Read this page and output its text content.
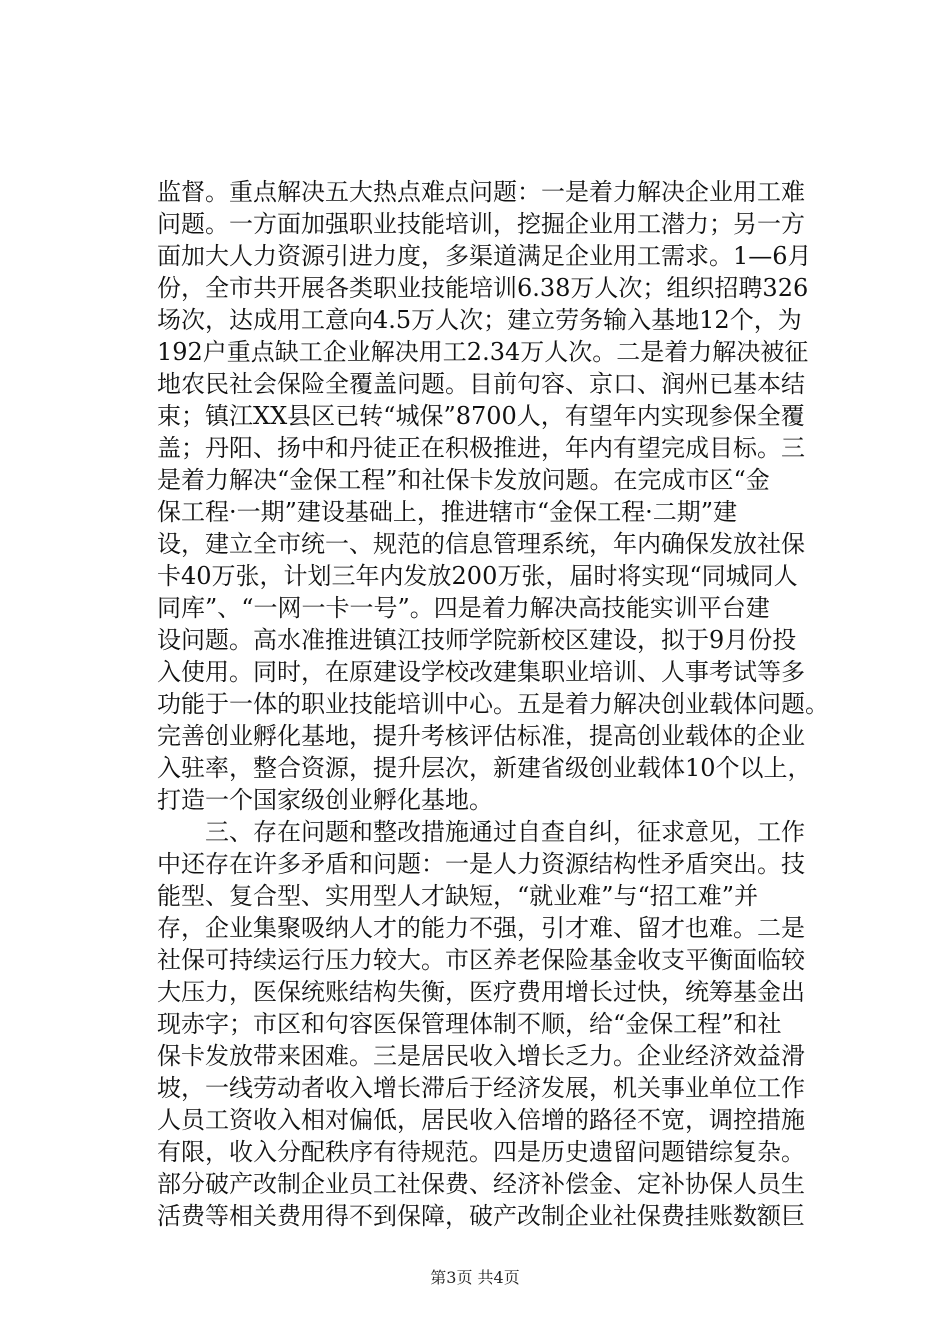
监督。重点解决五大热点难点问题：一是着力解决企业用工难
问题。一方面加强职业技能培训，挖掘企业用工潜力；另一方
面加大人力资源引进力度，多渠道满足企业用工需求。1—6月
份，全市共开展各类职业技能培训6.38万人次；组织招聘326
场次，达成用工意向4.5万人次；建立劳务输入基地12个，为
192户重点缺工企业解决用工2.34万人次。二是着力解决被征
地农民社会保险全覆盖问题。目前句容、京口、润州已基本结
束；镇江XX县区已转“城保”8700人，有望年内实现参保全覆
盖；丹阳、扬中和丹徒正在积极推进，年内有望完成目标。三
是着力解决“金保工程”和社保卡发放问题。在完成市区“金
保工程·一期”建设基础上，推进辖市“金保工程·二期”建
设，建立全市统一、规范的信息管理系统，年内确保发放社保
卡40万张，计划三年内发放200万张，届时将实现“同城同人
同库”、“一网一卡一号”。四是着力解决高技能实训平台建
设问题。高水准推进镇江技师学院新校区建设，拟于9月份投
入使用。同时，在原建设学校改建集职业培训、人事考试等多
功能于一体的职业技能培训中心。五是着力解决创业载体问题。
完善创业孵化基地，提升考核评估标准，提高创业载体的企业
入驻率，整合资源，提升层次，新建省级创业载体10个以上，
打造一个国家级创业孵化基地。
　　三、存在问题和整改措施通过自查自纠，征求意见，工作
中还存在许多矛盾和问题：一是人力资源结构性矛盾突出。技
能型、复合型、实用型人才缺短，“就业难”与“招工难”并
存，企业集聚吸纳人才的能力不强，引才难、留才也难。二是
社保可持续运行压力较大。市区养老保险基金收支平衡面临较
大压力，医保统账结构失衡，医疗费用增长过快，统筹基金出
现赤字；市区和句容医保管理体制不顺，给“金保工程”和社
保卡发放带来困难。三是居民收入增长乏力。企业经济效益滑
坡，一线劳动者收入增长滞后于经济发展，机关事业单位工作
人员工资收入相对偏低，居民收入倍增的路径不宽，调控措施
有限，收入分配秩序有待规范。四是历史遗留问题错综复杂。
部分破产改制企业员工社保费、经济补偿金、定补协保人员生
活费等相关费用得不到保障，破产改制企业社保费挂账数额巨
第3页 共4页
